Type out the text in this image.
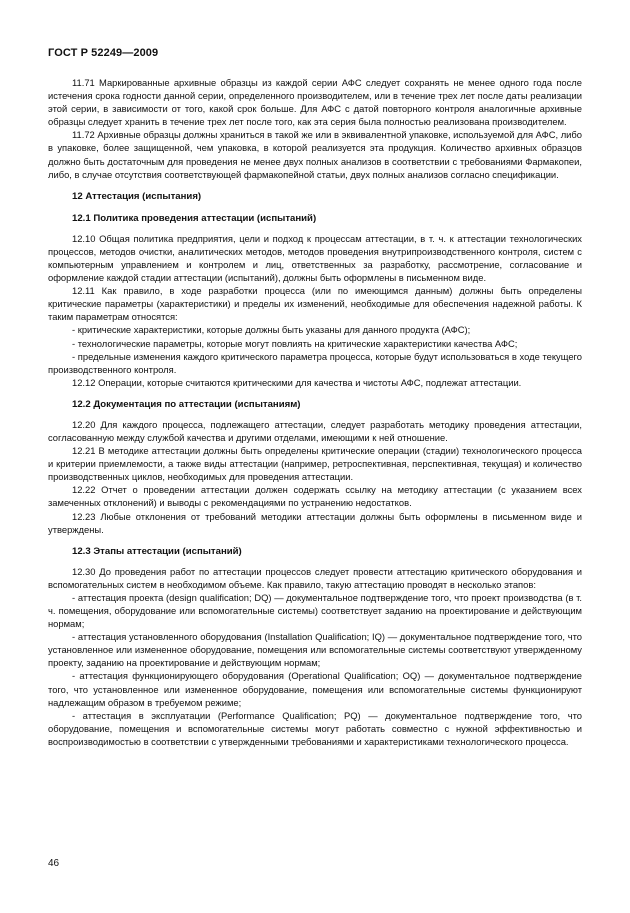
ГОСТ Р 52249—2009

11.71 Маркированные архивные образцы из каждой серии АФС следует сохранять не менее одного года после истечения срока годности данной серии, определенного производителем, или в течение трех лет после даты реализации этой серии, в зависимости от того, какой срок больше. Для АФС с датой повторного контроля аналогичные архивные образцы следует хранить в течение трех лет после того, как эта серия была полностью реализована производителем.

11.72 Архивные образцы должны храниться в такой же или в эквивалентной упаковке, используемой для АФС, либо в упаковке, более защищенной, чем упаковка, в которой реализуется эта продукция. Количество архивных образцов должно быть достаточным для проведения не менее двух полных анализов в соответствии с требованиями Фармакопеи, либо, в случае отсутствия соответствующей фармакопейной статьи, двух полных анализов согласно спецификации.

12 Аттестация (испытания)
12.1 Политика проведения аттестации (испытаний)

12.10 Общая политика предприятия, цели и подход к процессам аттестации, в т. ч. к аттестации технологических процессов, методов очистки, аналитических методов, методов проведения внутрипроизводственного контроля, систем с компьютерным управлением и контролем и лиц, ответственных за разработку, рассмотрение, согласование и оформление каждой стадии аттестации (испытаний), должны быть оформлены в письменном виде.

12.11 Как правило, в ходе разработки процесса (или по имеющимся данным) должны быть определены критические параметры (характеристики) и пределы их изменений, необходимые для обеспечения надежной работы. К таким параметрам относятся:

- критические характеристики, которые должны быть указаны для данного продукта (АФС);

- технологические параметры, которые могут повлиять на критические характеристики качества АФС;

- предельные изменения каждого критического параметра процесса, которые будут использоваться в ходе текущего производственного контроля.

12.12 Операции, которые считаются критическими для качества и чистоты АФС, подлежат аттестации.

12.2 Документация по аттестации (испытаниям)

12.20 Для каждого процесса, подлежащего аттестации, следует разработать методику проведения аттестации, согласованную между службой качества и другими отделами, имеющими к ней отношение.

12.21 В методике аттестации должны быть определены критические операции (стадии) технологического процесса и критерии приемлемости, а также виды аттестации (например, ретроспективная, перспективная, текущая) и количество производственных циклов, необходимых для проведения аттестации.

12.22 Отчет о проведении аттестации должен содержать ссылку на методику аттестации (с указанием всех замеченных отклонений) и выводы с рекомендациями по устранению недостатков.

12.23 Любые отклонения от требований методики аттестации должны быть оформлены в письменном виде и утверждены.

12.3 Этапы аттестации (испытаний)

12.30 До проведения работ по аттестации процессов следует провести аттестацию критического оборудования и вспомогательных систем в необходимом объеме. Как правило, такую аттестацию проводят в несколько этапов:

- аттестация проекта (design qualification; DQ) — документальное подтверждение того, что проект производства (в т. ч. помещения, оборудование или вспомогательные системы) соответствует заданию на проектирование и действующим нормам;

- аттестация установленного оборудования (Installation Qualification; IQ) — документальное подтверждение того, что установленное или измененное оборудование, помещения или вспомогательные системы соответствуют утвержденному проекту, заданию на проектирование и действующим нормам;

- аттестация функционирующего оборудования (Operational Qualification; OQ) — документальное подтверждение того, что установленное или измененное оборудование, помещения или вспомогательные системы функционируют надлежащим образом в требуемом режиме;

- аттестация в эксплуатации (Performance Qualification; PQ) — документальное подтверждение того, что оборудование, помещения и вспомогательные системы могут работать совместно с нужной эффективностью и воспроизводимостью в соответствии с утвержденными требованиями и характеристиками технологического процесса.

46
